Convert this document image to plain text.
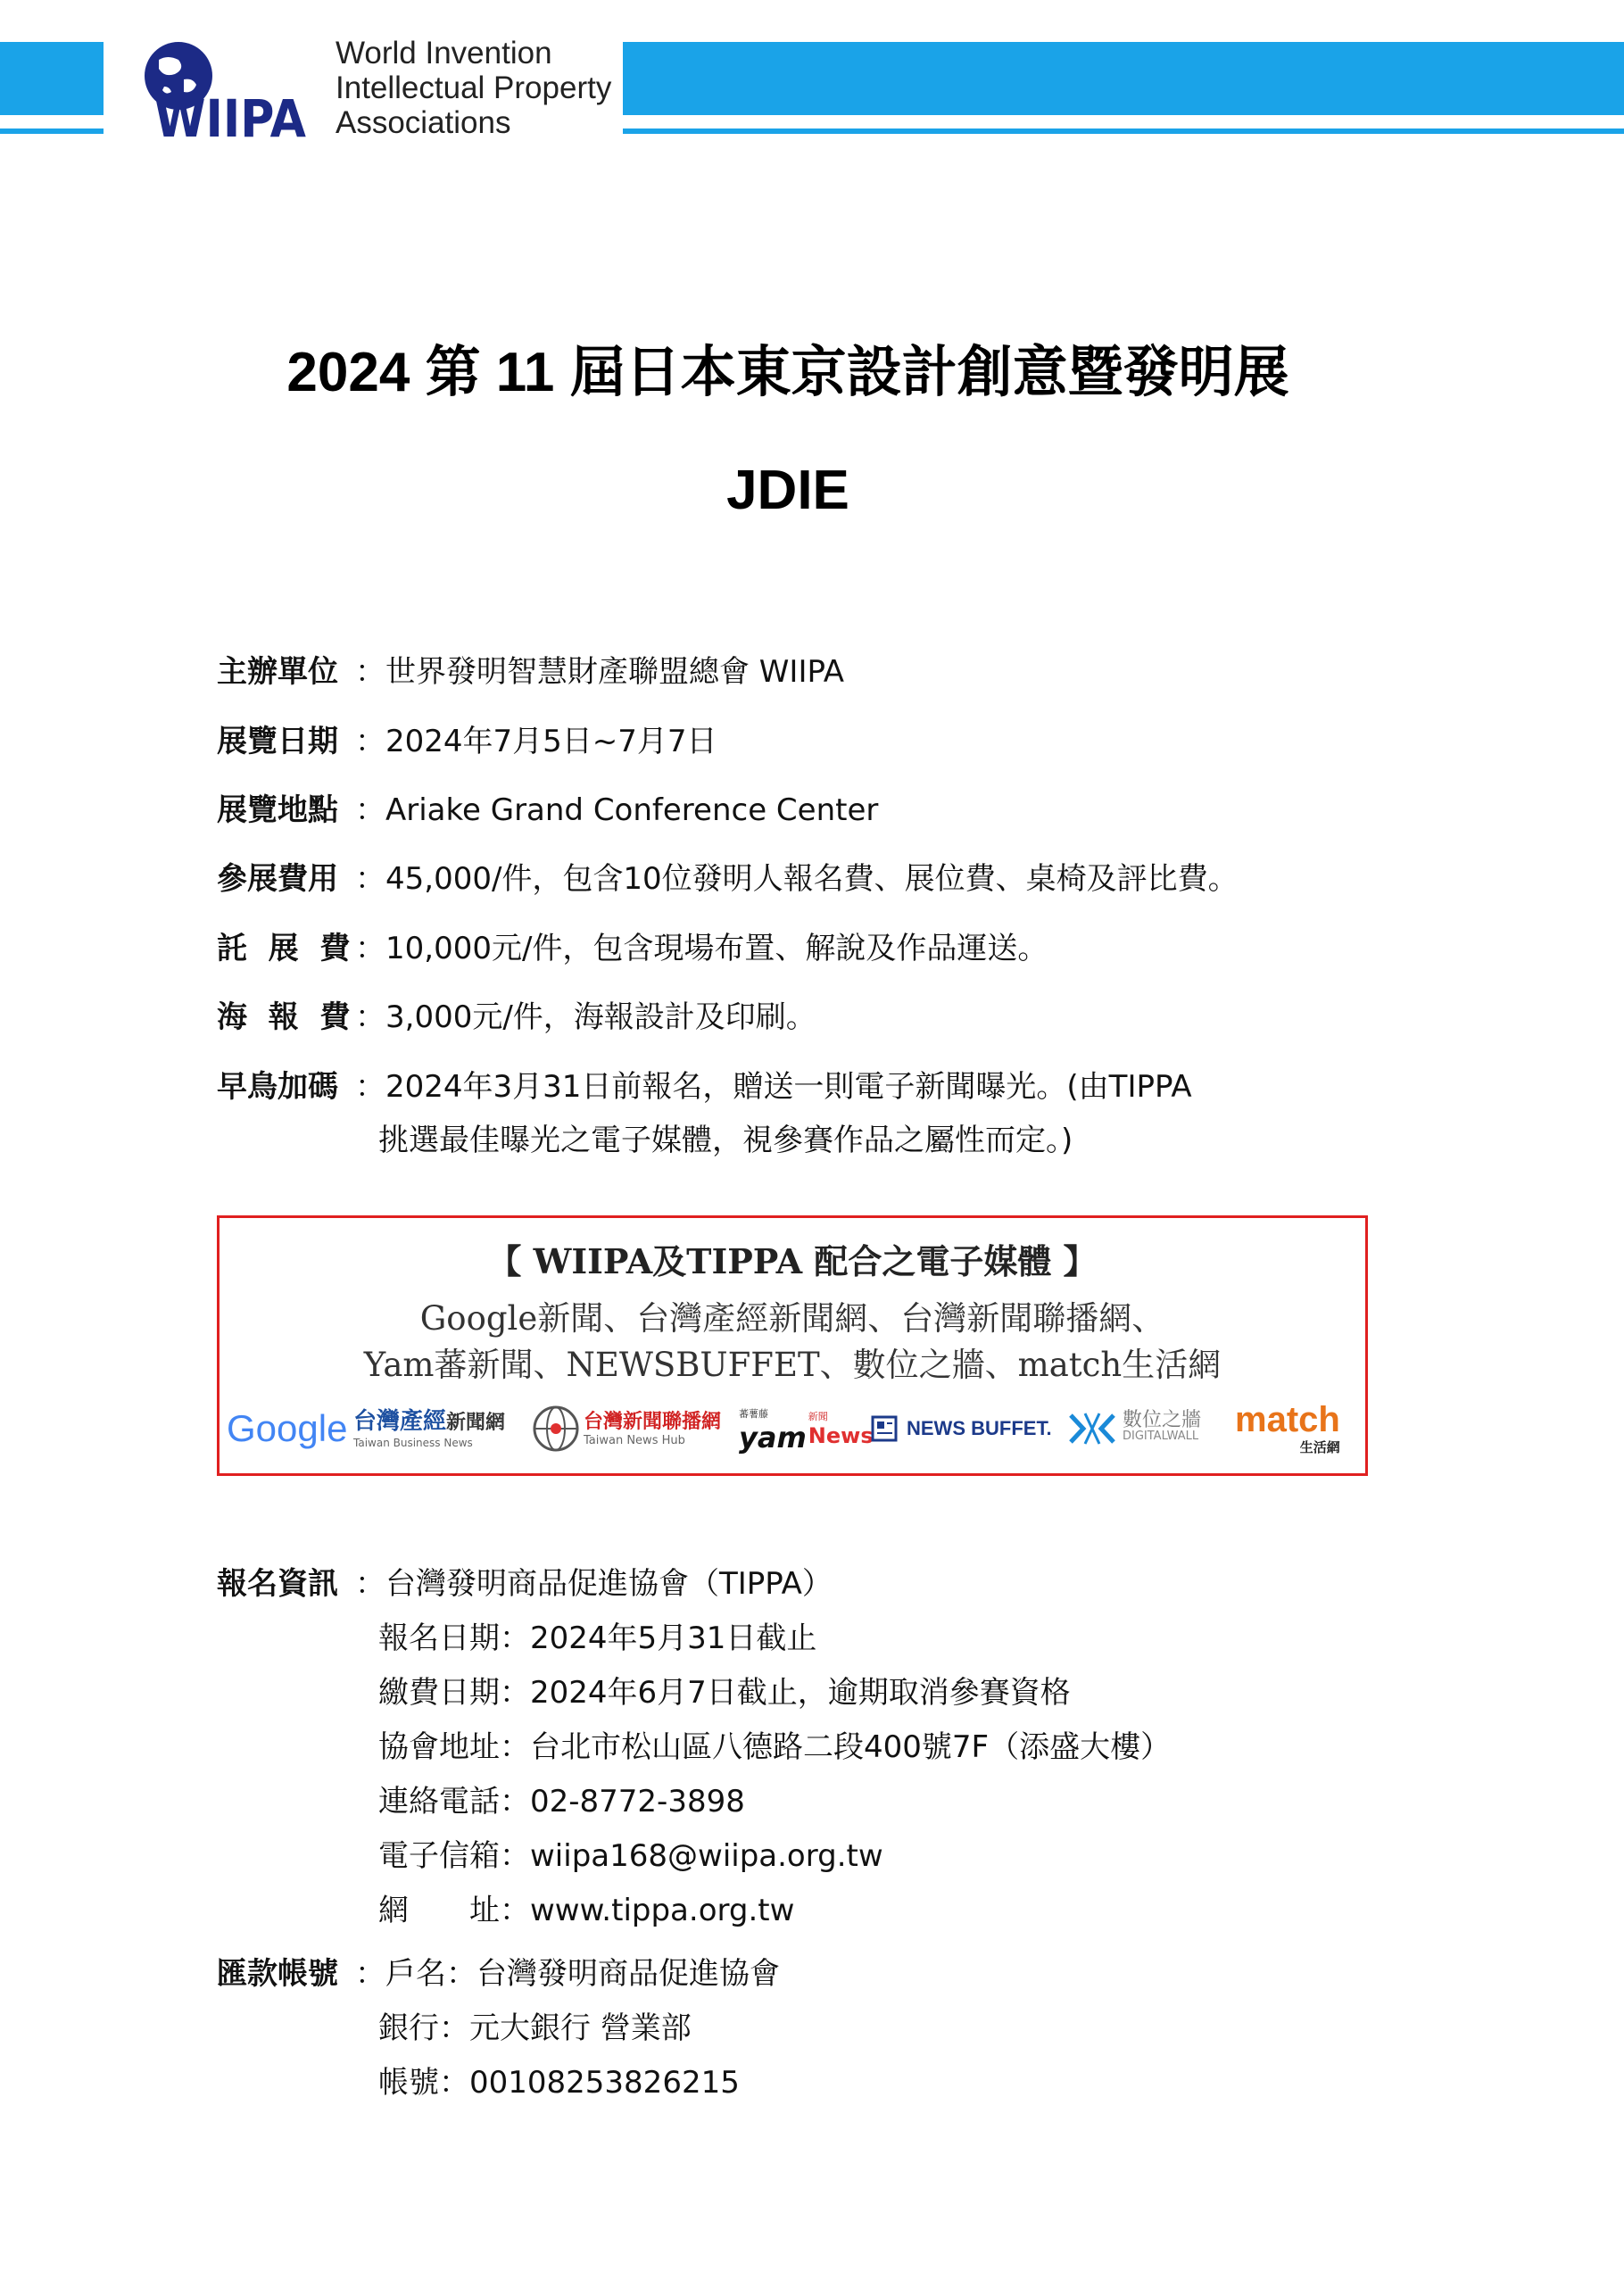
WIIPA
World Invention
Intellectual Property
Associations
2024 第 11 屆日本東京設計創意暨發明展
JDIE
主辦單位 ：世界發明智慧財產聯盟總會 WIIPA
展覽日期 ：2024年7月5日~7月7日
展覽地點 ：Ariake Grand Conference Center
參展費用 ：45,000/件，包含10位發明人報名費、展位費、桌椅及評比費。
託  展  費 ：10,000元/件，包含現場布置、解說及作品運送。
海  報  費 ：3,000元/件，海報設計及印刷。
早鳥加碼 ：2024年3月31日前報名，贈送一則電子新聞曝光。(由TIPPA
挑選最佳曝光之電子媒體，視參賽作品之屬性而定。)
【 WIIPA及TIPPA 配合之電子媒體 】
Google新聞、台灣產經新聞網、台灣新聞聯播網、
Yam蕃新聞、NEWSBUFFET、數位之牆、match生活網
Google 台灣產經新聞網
Taiwan Business News
台灣新聞聯播網
Taiwan News Hub
蕃薯藤
yam
新聞
News NEWS BUFFET.	數位之牆
DIGITALWALL match
生活網
報名資訊 ：台灣發明商品促進協會（TIPPA）
報名日期：2024年5月31日截止
繳費日期：2024年6月7日截止，逾期取消參賽資格
協會地址：台北市松山區八德路二段400號7F（添盛大樓）
連絡電話：02-8772-3898
電子信箱：wiipa168@wiipa.org.tw
網　　址：www.tippa.org.tw
匯款帳號 ：戶名：台灣發明商品促進協會
銀行：元大銀行 營業部
帳號：00108253826215
